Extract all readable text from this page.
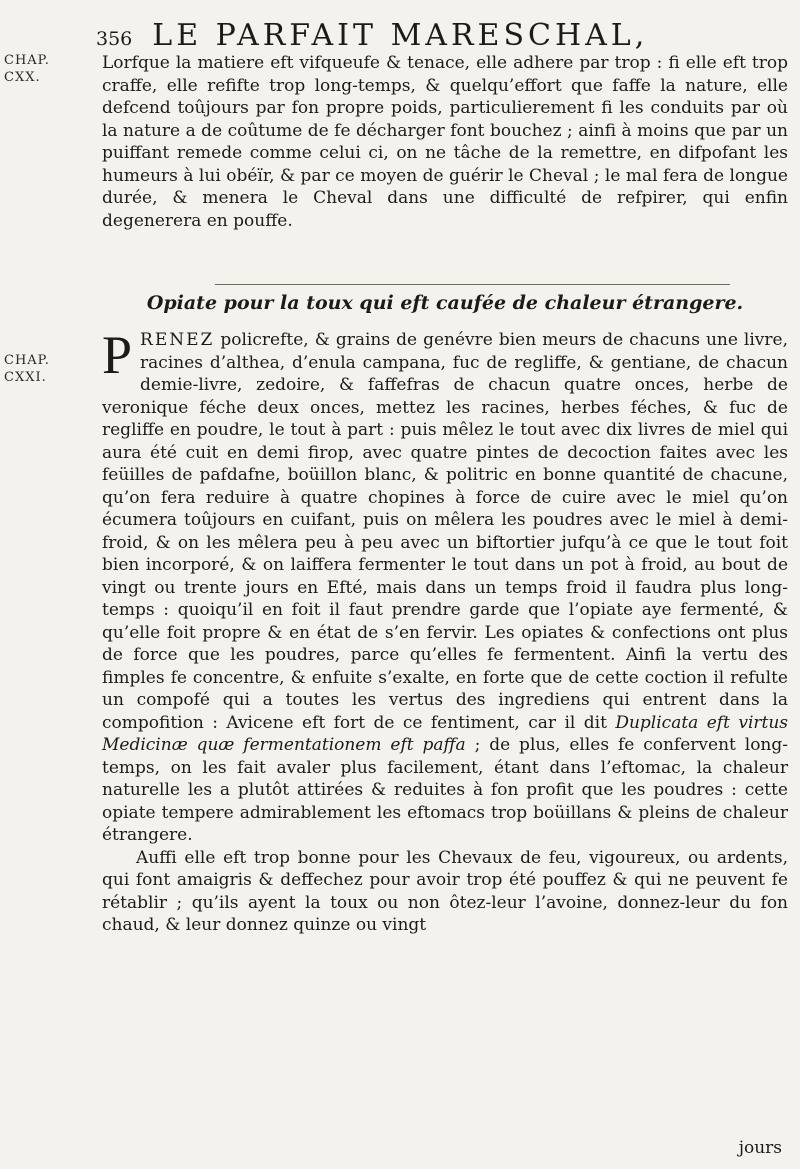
CHAP. CXX.
CHAP. CXXI.
356 LE PARFAIT MARESCHAL,

Lorfque la matiere eft vifqueufe & tenace, elle adhere par trop : fi elle eft trop craffe, elle refifte trop long-temps, & quelqu’effort que faffe la nature, elle defcend toûjours par fon propre poids, particulierement fi les conduits par où la nature a de coûtume de fe décharger font bouchez ; ainfi à moins que par un puiffant remede comme celui ci, on ne tâche de la remettre, en difpofant les humeurs à lui obéïr, & par ce moyen de guérir le Cheval ; le mal fera de longue durée, & menera le Cheval dans une difficulté de refpirer, qui enfin degenerera en pouffe.

Opiate pour la toux qui eft caufée de chaleur étrangere.
P RENEZ policrefte, & grains de genévre bien meurs de chacuns une livre, racines d’althea, d’enula campana, fuc de regliffe, & gentiane, de chacun demie-livre, zedoire, & faffefras de chacun quatre onces, herbe de veronique féche deux onces, mettez les racines, herbes féches, & fuc de regliffe en poudre, le tout à part : puis mêlez le tout avec dix livres de miel qui aura été cuit en demi firop, avec quatre pintes de decoction faites avec les feüilles de pafdafne, boüillon blanc, & politric en bonne quantité de chacune, qu’on fera reduire à quatre chopines à force de cuire avec le miel qu’on écumera toûjours en cuifant, puis on mêlera les poudres avec le miel à demi-froid, & on les mêlera peu à peu avec un biftortier jufqu’à ce que le tout foit bien incorporé, & on laiffera fermenter le tout dans un pot à froid, au bout de vingt ou trente jours en Efté, mais dans un temps froid il faudra plus long-temps : quoiqu’il en foit il faut prendre garde que l’opiate aye fermenté, & qu’elle foit propre & en état de s’en fervir. Les opiates & confections ont plus de force que les poudres, parce qu’elles fe fermentent. Ainfi la vertu des fimples fe concentre, & enfuite s’exalte, en forte que de cette coction il refulte un compofé qui a toutes les vertus des ingrediens qui entrent dans la compofition : Avicene eft fort de ce fentiment, car il dit Duplicata eft virtus Medicinæ quæ fermentationem eft paffa ; de plus, elles fe confervent long-temps, on les fait avaler plus facilement, étant dans l’eftomac, la chaleur naturelle les a plutôt attirées & reduites à fon profit que les poudres : cette opiate tempere admirablement les eftomacs trop boüillans & pleins de chaleur étrangere.

Auffi elle eft trop bonne pour les Chevaux de feu, vigoureux, ou ardents, qui font amaigris & deffechez pour avoir trop été pouffez & qui ne peuvent fe rétablir ; qu’ils ayent la toux ou non ôtez-leur l’avoine, donnez-leur du fon chaud, & leur donnez quinze ou vingt

jours
